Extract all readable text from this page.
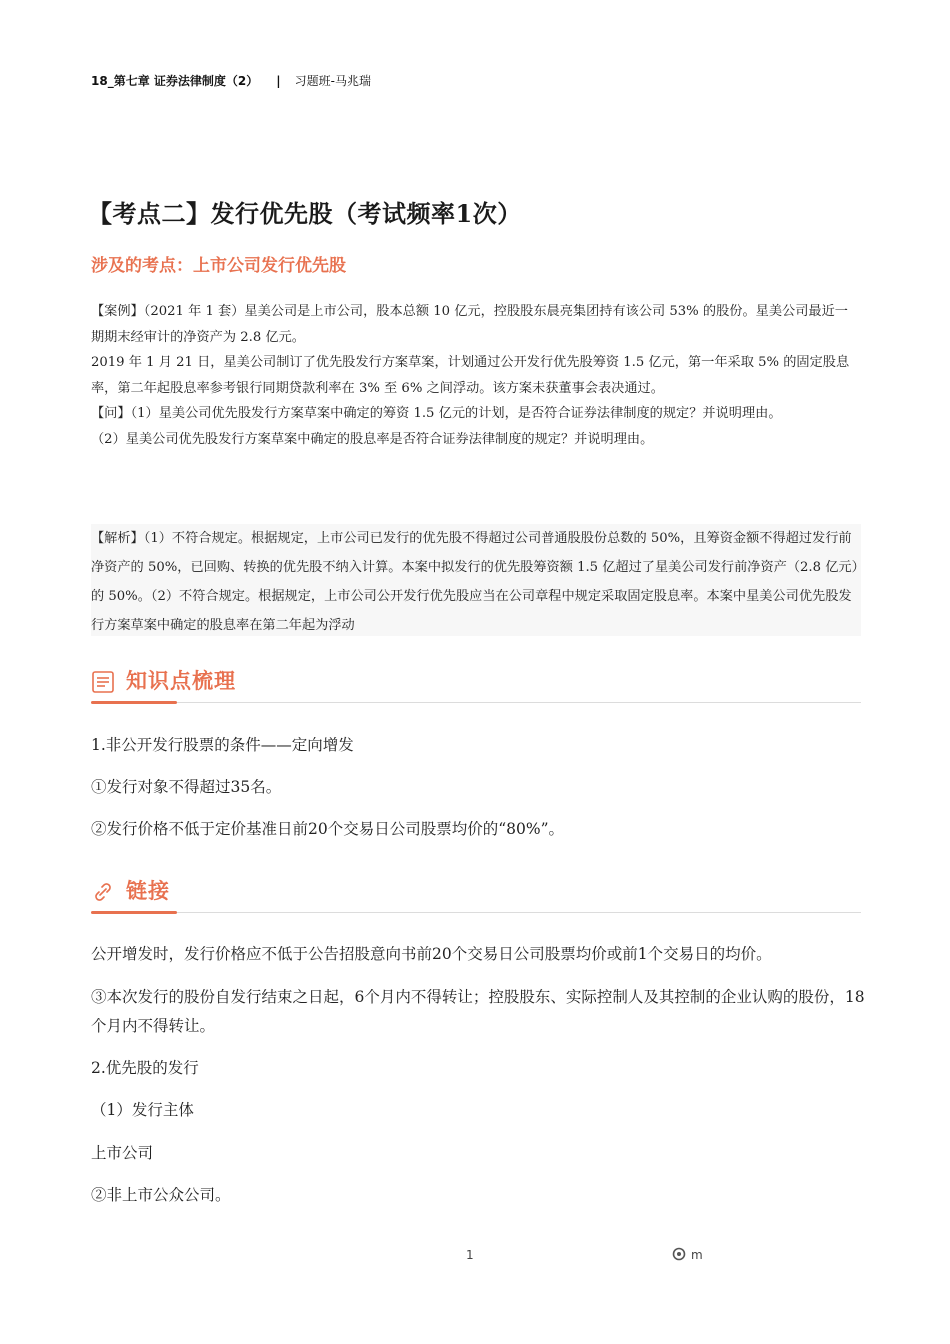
18_第七章 证券法律制度（2） | 习题班-马兆瑞
【考点二】发行优先股（考试频率1次）
涉及的考点：上市公司发行优先股

【案例】（2021 年 1 套）星美公司是上市公司，股本总额 10 亿元，控股股东晨亮集团持有该公司 53% 的股份。星美公司最近一期期末经审计的净资产为 2.8 亿元。

2019 年 1 月 21 日，星美公司制订了优先股发行方案草案，计划通过公开发行优先股筹资 1.5 亿元，第一年采取 5% 的固定股息率，第二年起股息率参考银行同期贷款利率在 3% 至 6% 之间浮动。该方案未获董事会表决通过。

【问】（1）星美公司优先股发行方案草案中确定的筹资 1.5 亿元的计划，是否符合证券法律制度的规定？并说明理由。

（2）星美公司优先股发行方案草案中确定的股息率是否符合证券法律制度的规定？并说明理由。

【解析】（1）不符合规定。根据规定，上市公司已发行的优先股不得超过公司普通股股份总数的 50%，且筹资金额不得超过发行前净资产的 50%，已回购、转换的优先股不纳入计算。本案中拟发行的优先股筹资额 1.5 亿超过了星美公司发行前净资产（2.8 亿元）的 50%。（2）不符合规定。根据规定，上市公司公开发行优先股应当在公司章程中规定采取固定股息率。本案中星美公司优先股发行方案草案中确定的股息率在第二年起为浮动

知识点梳理

1.非公开发行股票的条件——定向增发

①发行对象不得超过35名。

②发行价格不低于定价基准日前20个交易日公司股票均价的“80%”。

链接

公开增发时，发行价格应不低于公告招股意向书前20个交易日公司股票均价或前1个交易日的均价。

③本次发行的股份自发行结束之日起，6个月内不得转让；控股股东、实际控制人及其控制的企业认购的股份，18个月内不得转让。

2.优先股的发行

（1）发行主体

上市公司

②非上市公众公司。

1	m
